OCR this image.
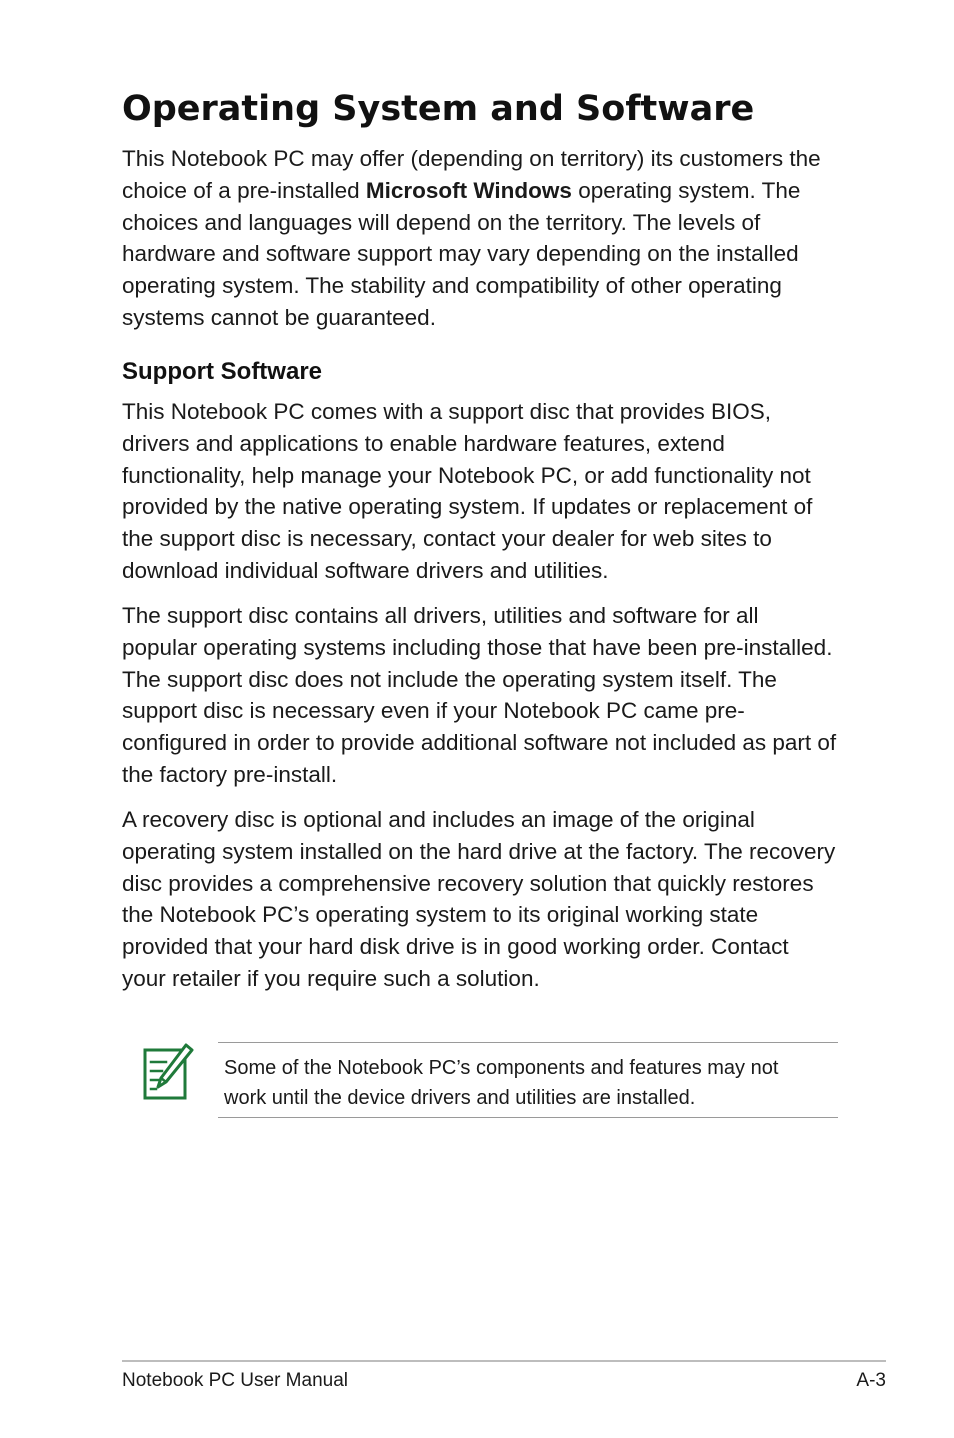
Operating System and Software

This Notebook PC may offer (depending on territory) its customers the choice of a pre-installed Microsoft Windows operating system. The choices and languages will depend on the territory. The levels of hardware and software support may vary depending on the installed operating system. The stability and compatibility of other operating systems cannot be guaranteed.

Support Software

This Notebook PC comes with a support disc that provides BIOS, drivers and applications to enable hardware features, extend functionality, help manage your Notebook PC, or add functionality not provided by the native operating system. If updates or replacement of the support disc is necessary, contact your dealer for web sites to download individual software drivers and utilities.

The support disc contains all drivers, utilities and software for all popular operating systems including those that have been pre-installed. The support disc does not include the operating system itself. The support disc is necessary even if your Notebook PC came pre-configured in order to provide additional software not included as part of the factory pre-install.

A recovery disc is optional and includes an image of the original operating system installed on the hard drive at the factory. The recovery disc provides a comprehensive recovery solution that quickly restores the Notebook PC’s operating system to its original working state provided that your hard disk drive is in good working order. Contact your retailer if you require such a solution.

Some of the Notebook PC’s components and features may not work until the device drivers and utilities are installed.

Notebook PC User Manual	A-3
